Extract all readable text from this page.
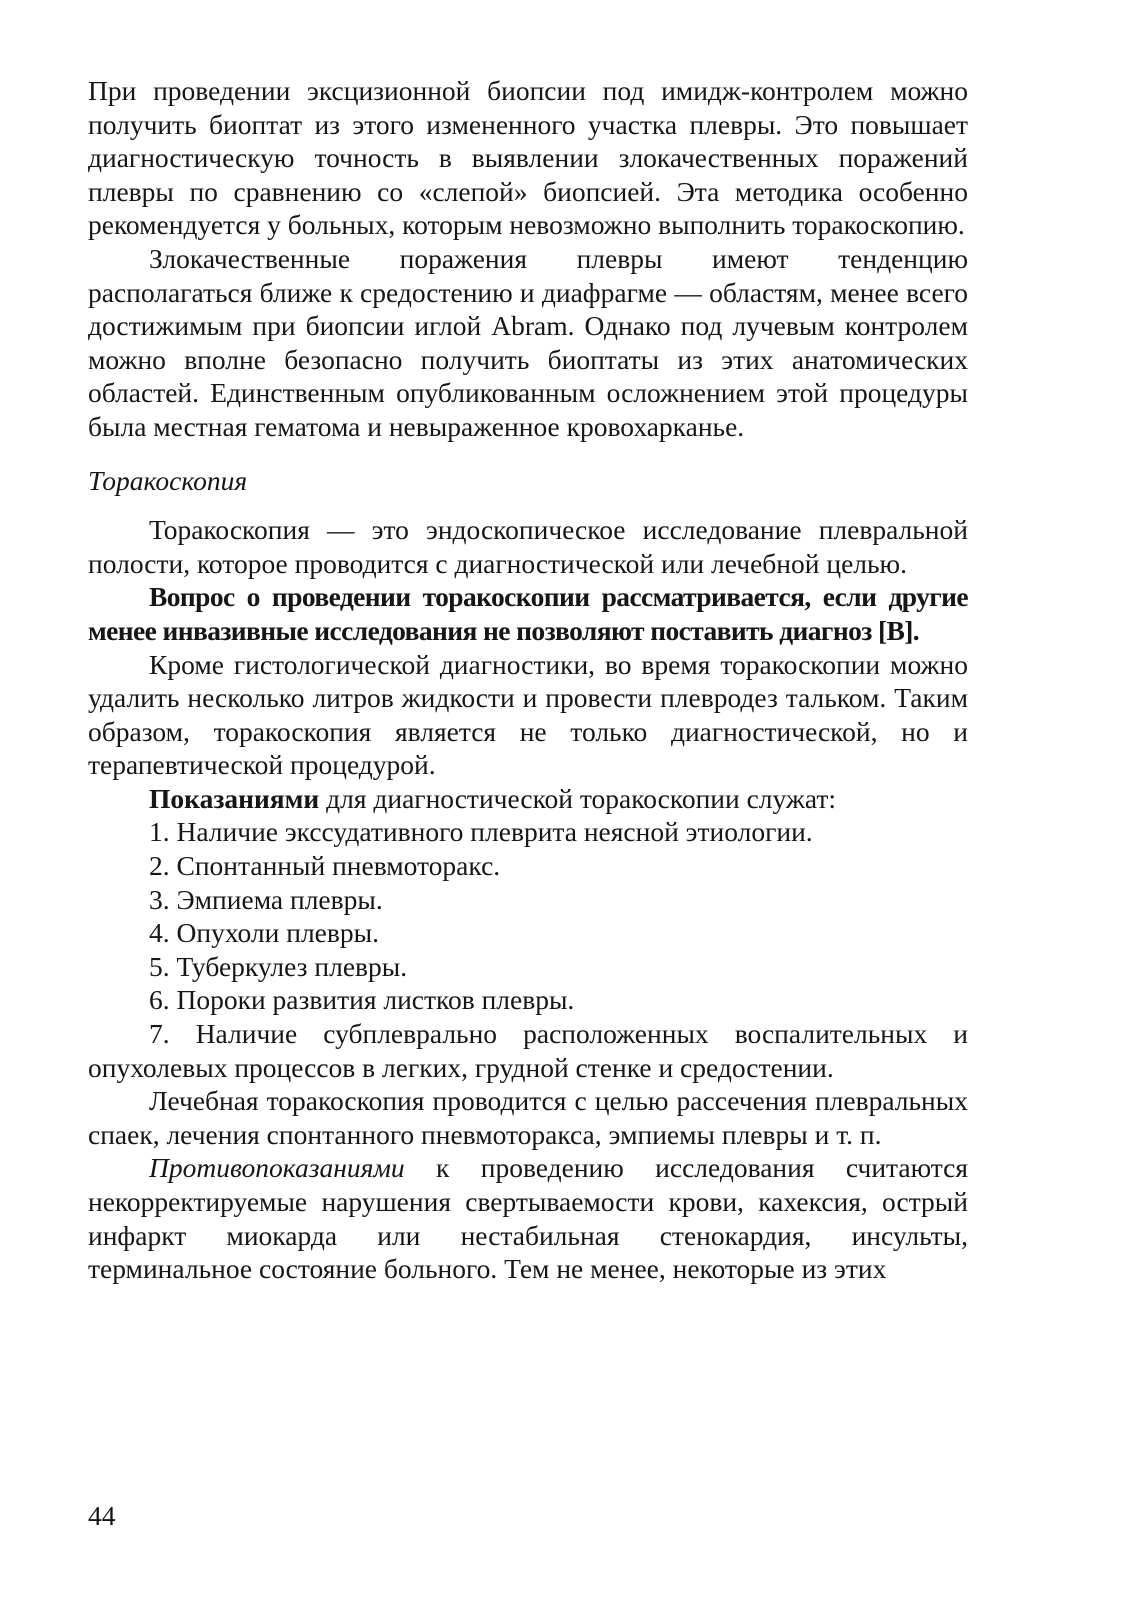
При проведении эксцизионной биопсии под имидж-контролем можно получить биоптат из этого измененного участка плевры. Это повышает диагностическую точность в выявлении злокачественных поражений плевры по сравнению со «слепой» биопсией. Эта методика особенно рекомендуется у больных, которым невозможно выполнить торакоскопию.

Злокачественные поражения плевры имеют тенденцию располагаться ближе к средостению и диафрагме — областям, менее всего достижимым при биопсии иглой Abram. Однако под лучевым контролем можно вполне безопасно получить биоптаты из этих анатомических областей. Единственным опубликованным осложнением этой процедуры была местная гематома и невыраженное кровохарканье.

Торакоскопия

Торакоскопия — это эндоскопическое исследование плевральной полости, которое проводится с диагностической или лечебной целью.

Вопрос о проведении торакоскопии рассматривается, если другие менее инвазивные исследования не позволяют поставить диагноз [B].

Кроме гистологической диагностики, во время торакоскопии можно удалить несколько литров жидкости и провести плевродез тальком. Таким образом, торакоскопия является не только диагностической, но и терапевтической процедурой.

Показаниями для диагностической торакоскопии служат:

1. Наличие экссудативного плеврита неясной этиологии.
2. Спонтанный пневмоторакс.
3. Эмпиема плевры.
4. Опухоли плевры.
5. Туберкулез плевры.
6. Пороки развития листков плевры.
7. Наличие субплеврально расположенных воспалительных и опухолевых процессов в легких, грудной стенке и средостении.

Лечебная торакоскопия проводится с целью рассечения плевральных спаек, лечения спонтанного пневмоторакса, эмпиемы плевры и т. п.

Противопоказаниями к проведению исследования считаются некорректируемые нарушения свертываемости крови, кахексия, острый инфаркт миокарда или нестабильная стенокардия, инсульты, терминальное состояние больного. Тем не менее, некоторые из этих

44
